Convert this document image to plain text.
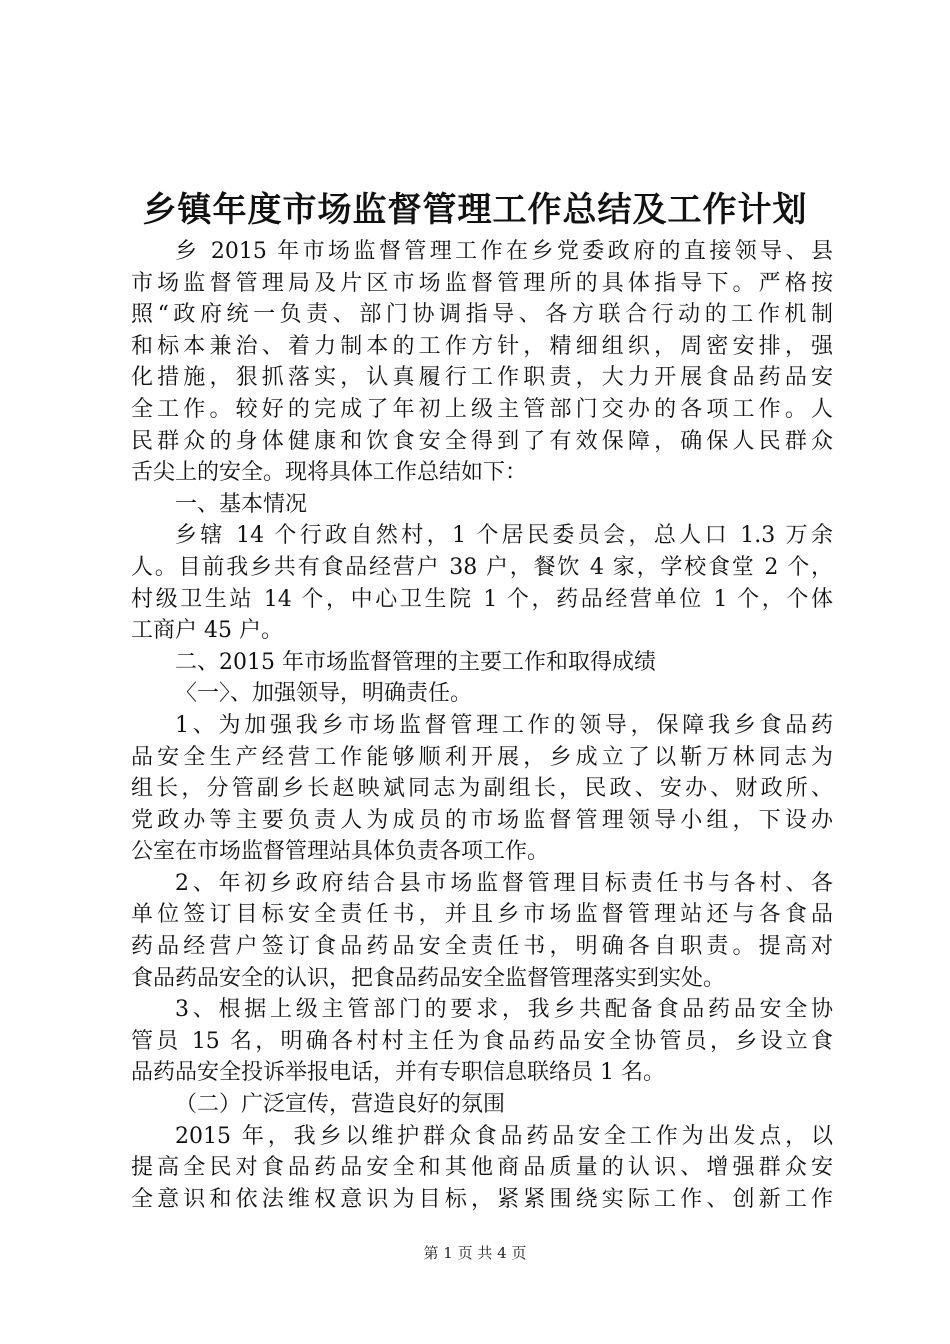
乡镇年度市场监督管理工作总结及工作计划
乡 2015 年市场监督管理工作在乡党委政府的直接领导、县
市场监督管理局及片区市场监督管理所的具体指导下。严格按
照“政府统一负责、部门协调指导、各方联合行动的工作机制
和标本兼治、着力制本的工作方针，精细组织，周密安排，强
化措施，狠抓落实，认真履行工作职责，大力开展食品药品安
全工作。较好的完成了年初上级主管部门交办的各项工作。人
民群众的身体健康和饮食安全得到了有效保障，确保人民群众
舌尖上的安全。现将具体工作总结如下：
一、基本情况
乡辖 14 个行政自然村，1 个居民委员会，总人口 1.3 万余
人。目前我乡共有食品经营户 38 户，餐饮 4 家，学校食堂 2 个，
村级卫生站 14 个，中心卫生院 1 个，药品经营单位 1 个，个体
工商户 45 户。
二、2015 年市场监督管理的主要工作和取得成绩
〈一〉、加强领导，明确责任。
1、为加强我乡市场监督管理工作的领导，保障我乡食品药
品安全生产经营工作能够顺利开展，乡成立了以靳万林同志为
组长，分管副乡长赵映斌同志为副组长，民政、安办、财政所、
党政办等主要负责人为成员的市场监督管理领导小组，下设办
公室在市场监督管理站具体负责各项工作。
2、年初乡政府结合县市场监督管理目标责任书与各村、各
单位签订目标安全责任书，并且乡市场监督管理站还与各食品
药品经营户签订食品药品安全责任书，明确各自职责。提高对
食品药品安全的认识，把食品药品安全监督管理落实到实处。
3、根据上级主管部门的要求，我乡共配备食品药品安全协
管员 15 名，明确各村村主任为食品药品安全协管员，乡设立食
品药品安全投诉举报电话，并有专职信息联络员 1 名。
（二）广泛宣传，营造良好的氛围
2015 年，我乡以维护群众食品药品安全工作为出发点，以
提高全民对食品药品安全和其他商品质量的认识、增强群众安
全意识和依法维权意识为目标，紧紧围绕实际工作、创新工作
第 1 页 共 4 页
